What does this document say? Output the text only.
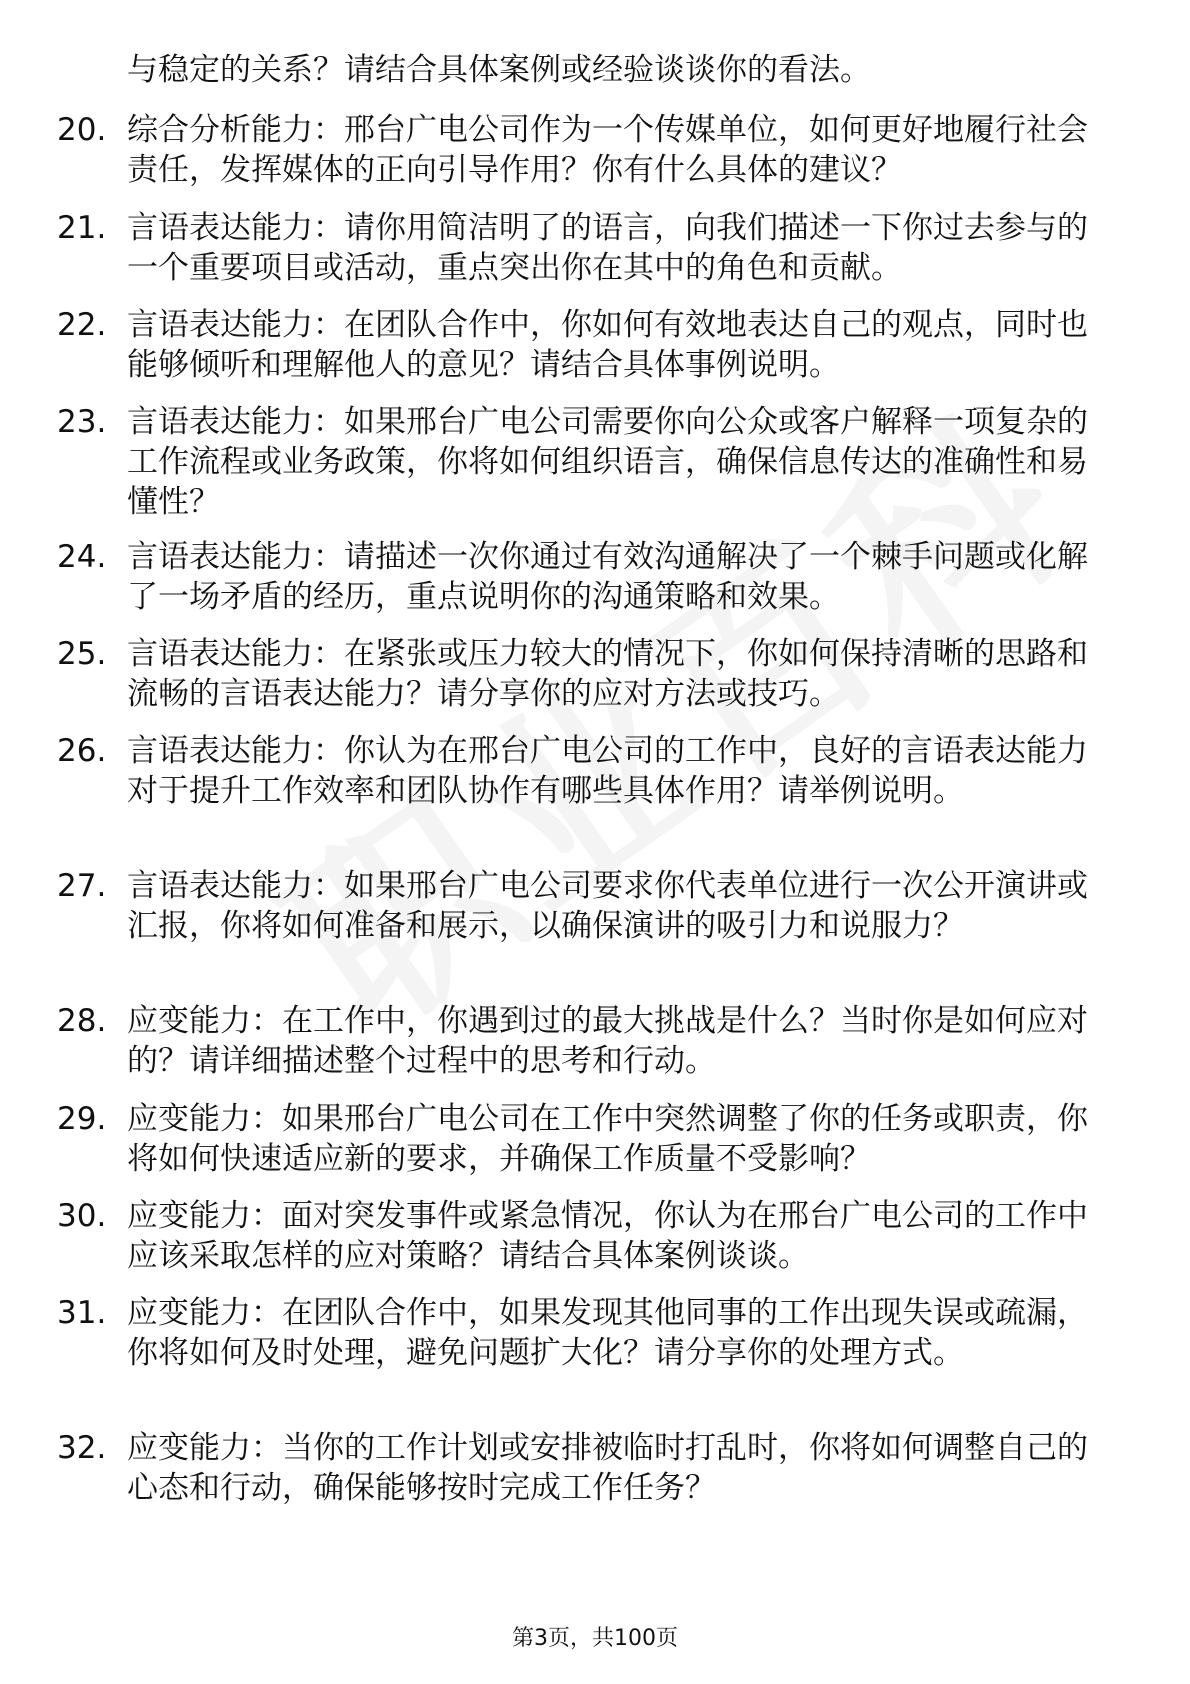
与稳定的关系？请结合具体案例或经验谈谈你的看法。
20. 综合分析能力：邢台广电公司作为一个传媒单位，如何更好地履行社会责任，发挥媒体的正向引导作用？你有什么具体的建议？
21. 言语表达能力：请你用简洁明了的语言，向我们描述一下你过去参与的一个重要项目或活动，重点突出你在其中的角色和贡献。
22. 言语表达能力：在团队合作中，你如何有效地表达自己的观点，同时也能够倾听和理解他人的意见？请结合具体事例说明。
23. 言语表达能力：如果邢台广电公司需要你向公众或客户解释一项复杂的工作流程或业务政策，你将如何组织语言，确保信息传达的准确性和易懂性？
24. 言语表达能力：请描述一次你通过有效沟通解决了一个棘手问题或化解了一场矛盾的经历，重点说明你的沟通策略和效果。
25. 言语表达能力：在紧张或压力较大的情况下，你如何保持清晰的思路和流畅的言语表达能力？请分享你的应对方法或技巧。
26. 言语表达能力：你认为在邢台广电公司的工作中，良好的言语表达能力对于提升工作效率和团队协作有哪些具体作用？请举例说明。
27. 言语表达能力：如果邢台广电公司要求你代表单位进行一次公开演讲或汇报，你将如何准备和展示，以确保演讲的吸引力和说服力？
28. 应变能力：在工作中，你遇到过的最大挑战是什么？当时你是如何应对的？请详细描述整个过程中的思考和行动。
29. 应变能力：如果邢台广电公司在工作中突然调整了你的任务或职责，你将如何快速适应新的要求，并确保工作质量不受影响？
30. 应变能力：面对突发事件或紧急情况，你认为在邢台广电公司的工作中应该采取怎样的应对策略？请结合具体案例谈谈。
31. 应变能力：在团队合作中，如果发现其他同事的工作出现失误或疏漏，你将如何及时处理，避免问题扩大化？请分享你的处理方式。
32. 应变能力：当你的工作计划或安排被临时打乱时，你将如何调整自己的心态和行动，确保能够按时完成工作任务？
第3页，共100页
